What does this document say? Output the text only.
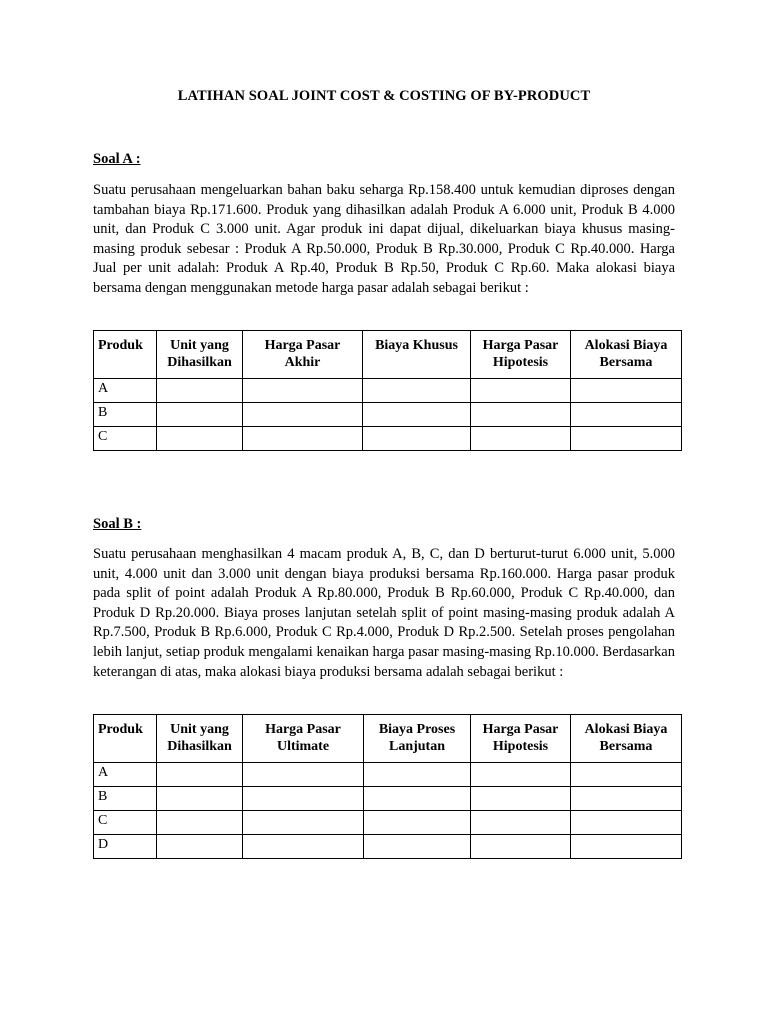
LATIHAN SOAL JOINT COST & COSTING OF BY-PRODUCT
Soal A :
Suatu perusahaan mengeluarkan bahan baku seharga Rp.158.400 untuk kemudian diproses dengan tambahan biaya Rp.171.600. Produk yang dihasilkan adalah Produk A 6.000 unit, Produk B 4.000 unit, dan Produk C 3.000 unit. Agar produk ini dapat dijual, dikeluarkan biaya khusus masing-masing produk sebesar : Produk A Rp.50.000, Produk B Rp.30.000, Produk C Rp.40.000. Harga Jual per unit adalah: Produk A Rp.40, Produk B Rp.50, Produk C Rp.60. Maka alokasi biaya bersama dengan menggunakan metode harga pasar adalah sebagai berikut :
Produk	Unit yang Dihasilkan	Harga Pasar Akhir	Biaya Khusus	Harga Pasar Hipotesis	Alokasi Biaya Bersama
A					
B					
C					
Soal B :
Suatu perusahaan menghasilkan 4 macam produk A, B, C, dan D berturut-turut 6.000 unit, 5.000 unit, 4.000 unit dan 3.000 unit dengan biaya produksi bersama Rp.160.000. Harga pasar produk pada split of point adalah Produk A Rp.80.000, Produk B Rp.60.000, Produk C Rp.40.000, dan Produk D Rp.20.000. Biaya proses lanjutan setelah split of point masing-masing produk adalah A Rp.7.500, Produk B Rp.6.000, Produk C Rp.4.000, Produk D Rp.2.500. Setelah proses pengolahan lebih lanjut, setiap produk mengalami kenaikan harga pasar masing-masing Rp.10.000. Berdasarkan keterangan di atas, maka alokasi biaya produksi bersama adalah sebagai berikut :
Produk	Unit yang Dihasilkan	Harga Pasar Ultimate	Biaya Proses Lanjutan	Harga Pasar Hipotesis	Alokasi Biaya Bersama
A					
B					
C					
D					
